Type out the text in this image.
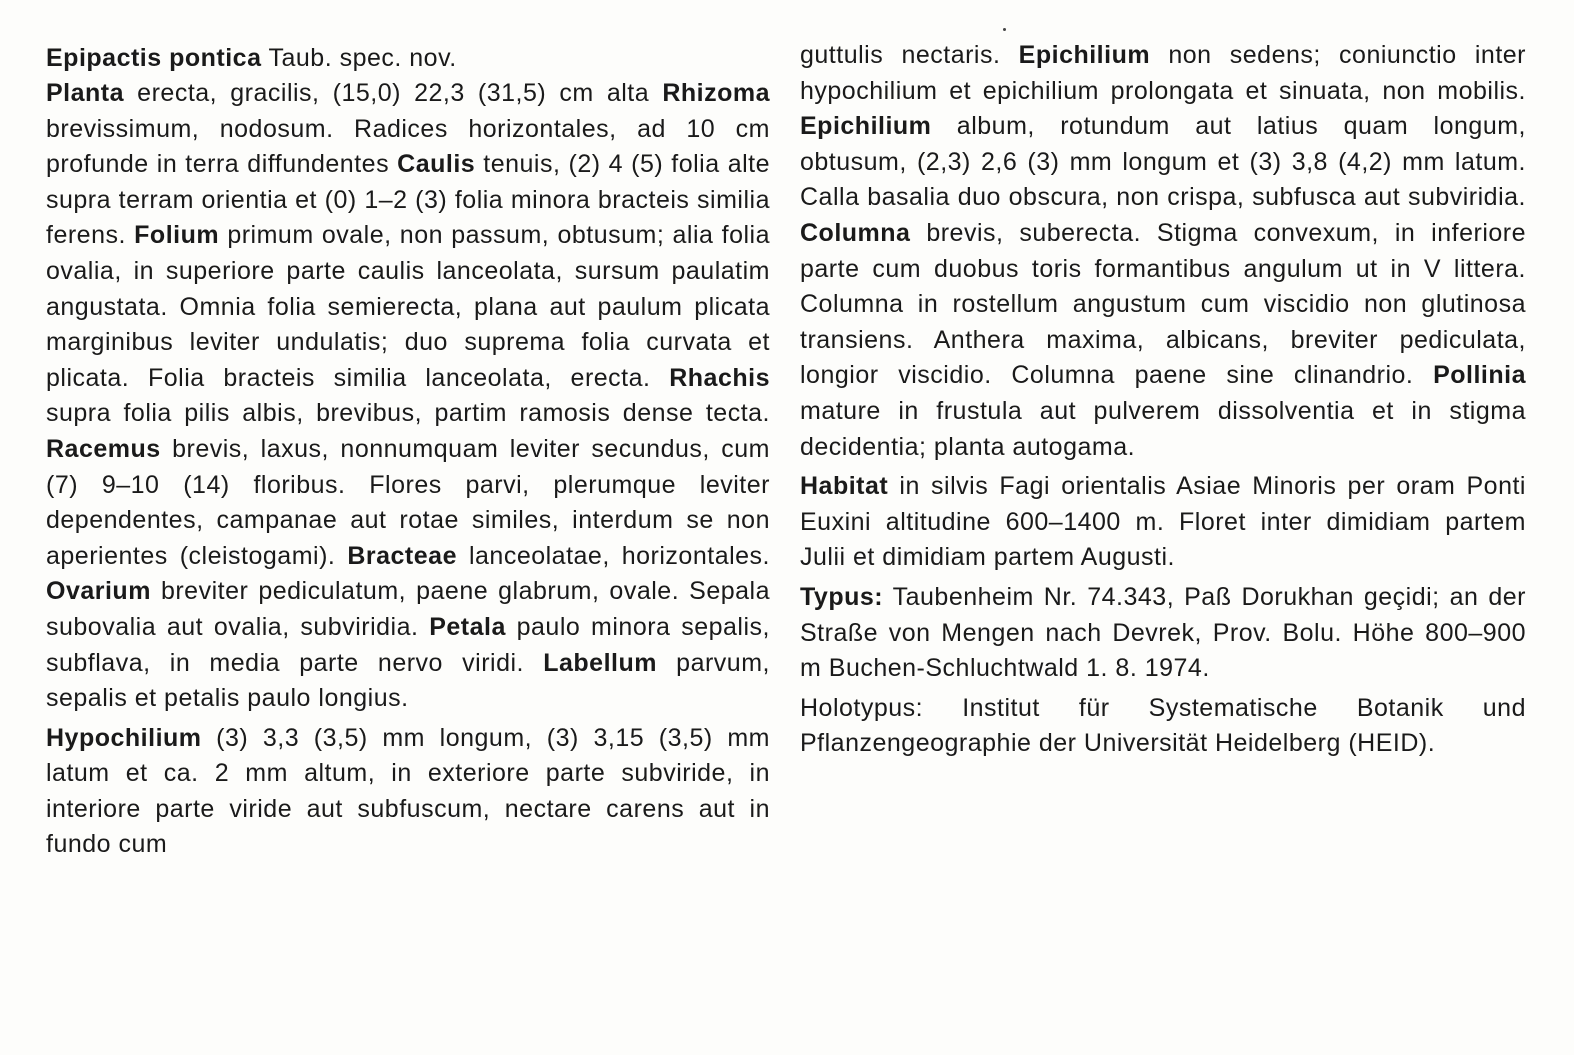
Epipactis pontica Taub. spec. nov.

Planta erecta, gracilis, (15,0) 22,3 (31,5) cm alta Rhizoma brevissimum, nodosum. Radices horizontales, ad 10 cm profunde in terra diffundentes Caulis tenuis, (2) 4 (5) folia alte supra terram orientia et (0) 1–2 (3) folia minora bracteis similia ferens. Folium primum ovale, non passum, obtusum; alia folia ovalia, in superiore parte caulis lanceolata, sursum paulatim angustata. Omnia folia semierecta, plana aut paulum plicata marginibus leviter undulatis; duo suprema folia curvata et plicata. Folia bracteis similia lanceolata, erecta. Rhachis supra folia pilis albis, brevibus, partim ramosis dense tecta. Racemus brevis, laxus, nonnumquam leviter secundus, cum (7) 9–10 (14) floribus. Flores parvi, plerumque leviter dependentes, campanae aut rotae similes, interdum se non aperientes (cleistogami). Bracteae lanceolatae, horizontales. Ovarium breviter pediculatum, paene glabrum, ovale. Sepala subovalia aut ovalia, subviridia. Petala paulo minora sepalis, subflava, in media parte nervo viridi. Labellum parvum, sepalis et petalis paulo longius.

Hypochilium (3) 3,3 (3,5) mm longum, (3) 3,15 (3,5) mm latum et ca. 2 mm altum, in exteriore parte subviride, in interiore parte viride aut subfuscum, nectare carens aut in fundo cum

guttulis nectaris. Epichilium non sedens; coniunctio inter hypochilium et epichilium prolongata et sinuata, non mobilis. Epichilium album, rotundum aut latius quam longum, obtusum, (2,3) 2,6 (3) mm longum et (3) 3,8 (4,2) mm latum. Calla basalia duo obscura, non crispa, subfusca aut subviridia. Columna brevis, suberecta. Stigma convexum, in inferiore parte cum duobus toris formantibus angulum ut in V littera. Columna in rostellum angustum cum viscidio non glutinosa transiens. Anthera maxima, albicans, breviter pediculata, longior viscidio. Columna paene sine clinandrio. Pollinia mature in frustula aut pulverem dissolventia et in stigma decidentia; planta autogama.

Habitat in silvis Fagi orientalis Asiae Minoris per oram Ponti Euxini altitudine 600–1400 m. Floret inter dimidiam partem Julii et dimidiam partem Augusti.

Typus: Taubenheim Nr. 74.343, Paß Dorukhan geçidi; an der Straße von Mengen nach Devrek, Prov. Bolu. Höhe 800–900 m Buchen-Schluchtwald 1. 8. 1974.

Holotypus: Institut für Systematische Botanik und Pflanzengeographie der Universität Heidelberg (HEID).
